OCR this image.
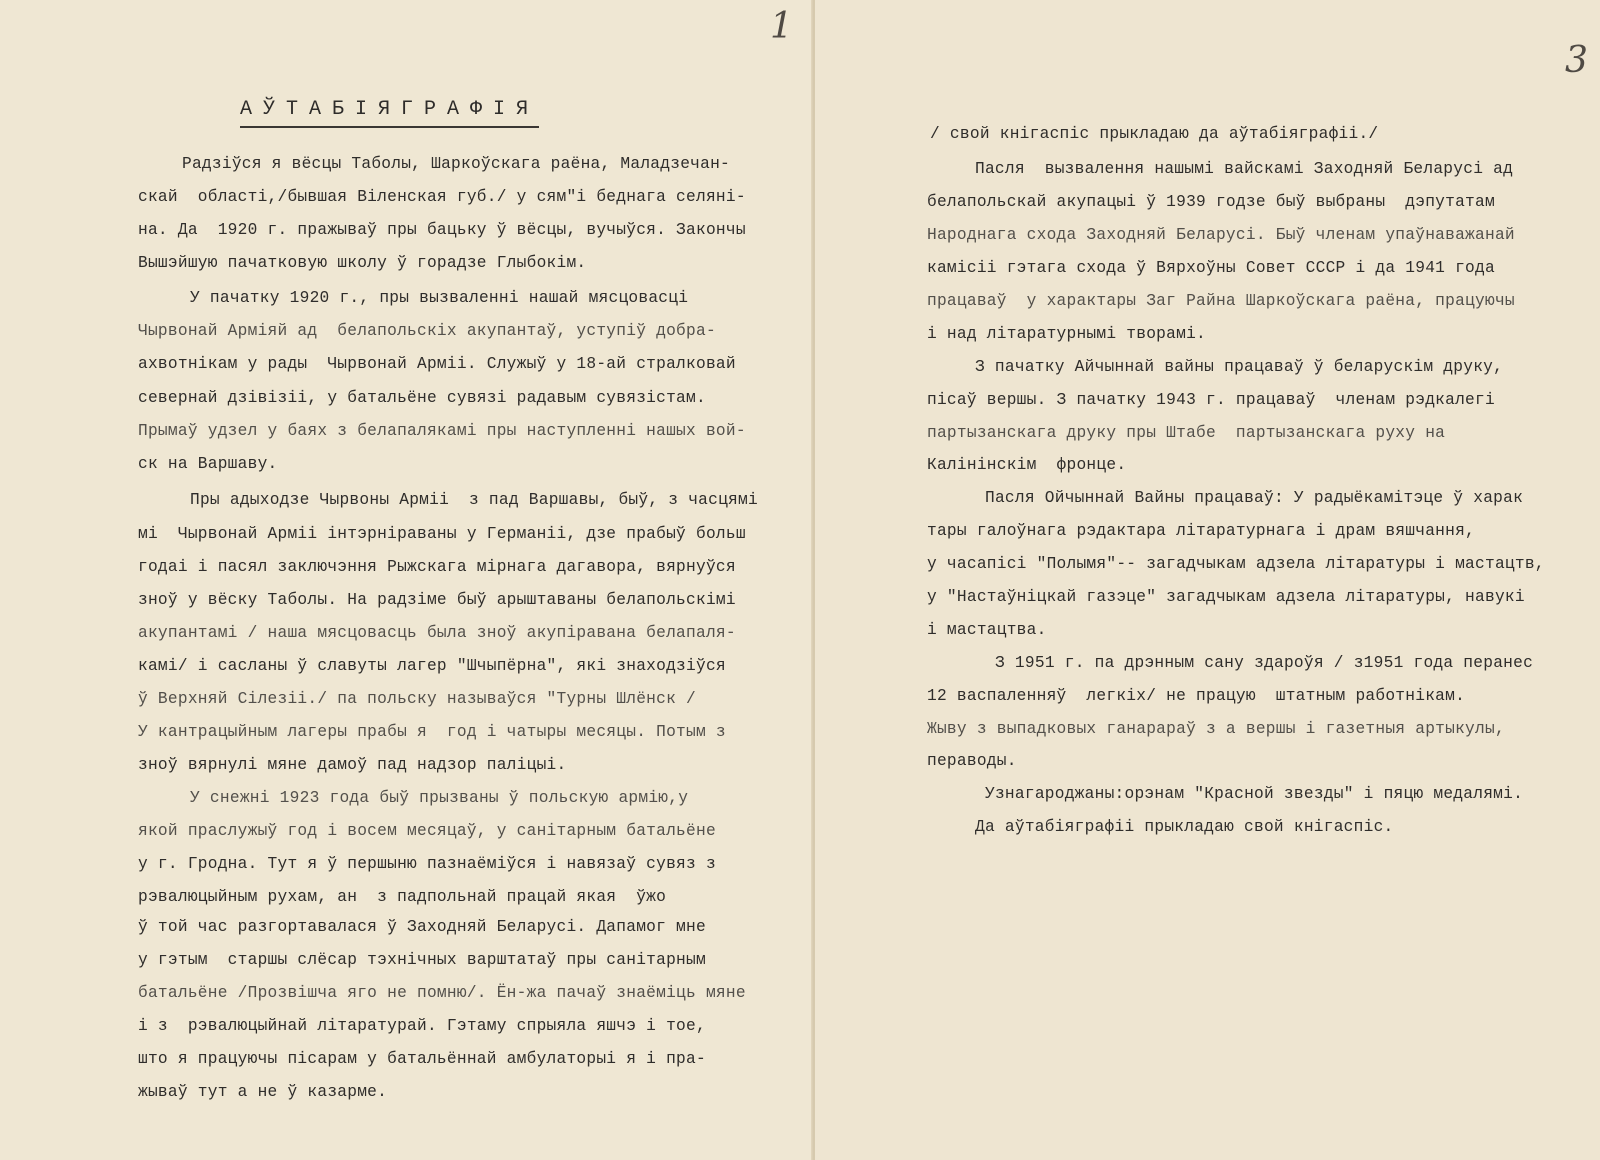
1
АЎТАБІЯГРАФІЯ
Радзіўся я вёсцы Таболы, Шаркоўскага раёна, Маладзечан-
скай  області,/бывшая Віленская губ./ у сям"і беднага селяні-
на. Да  1920 г. пражываў пры бацьку ў вёсцы, вучыўся. Закончы
Вышэйшую пачатковую школу ў горадзе Глыбокім.
У пачатку 1920 г., пры вызваленні нашай мясцовасці
Чырвонай Арміяй ад  белапольскіх акупантаў, уступіў добра-
ахвотнікам у рады  Чырвонай Арміі. Служыў у 18-ай стралковай
севернай дзівізіі, у батальёне сувязі радавым сувязістам.
Прымаў удзел у баях з белапалякамі пры наступленні нашых вой-
ск на Варшаву.
Пры адыходзе Чырвоны Арміі  з пад Варшавы, быў, з часцямі
мі  Чырвонай Арміі інтэрніраваны у Германіі, дзе прабыў больш
годаі і пасял заключэння Рыжскага мірнага дагавора, вярнуўся
зноў у вёску Таболы. На радзіме быў арыштаваны белапольскімі
акупантамі / наша мясцовасць была зноў акупіравана белапаля-
камі/ і сасланы ў славуты лагер "Шчыпёрна", які знаходзіўся
ў Верхняй Сілезіі./ па польску называўся "Турны Шлёнск /
У кантрацыйным лагеры прабы я  год і чатыры месяцы. Потым з
зноў вярнулі мяне дамоў пад надзор паліцыі.
У снежні 1923 года быў прызваны ў польскую армію,у
якой праслужыў год і восем месяцаў, у санітарным батальёне
у г. Гродна. Тут я ў першыню пазнаёміўся і навязаў сувяз з
рэвалюцыйным рухам, ан  з падпольнай працай якая  ўжо
ў той час разгортавалася ў Заходняй Беларусі. Дапамог мне
у гэтым  старшы слёсар тэхнічных варштатаў пры санітарным
батальёне /Прозвішча яго не помню/. Ён-жа пачаў знаёміць мяне
і з  рэвалюцыйнай літаратурай. Гэтаму спрыяла яшчэ і тое,
што я працуючы пісарам у батальённай амбулаторыі я і пра-
жываў тут а не ў казарме.
3
/ свой кнігаспіс прыкладаю да аўтабіяграфіі./
Пасля  вызвалення нашымі вайскамі Заходняй Беларусі ад
белапольскай акупацыі ў 1939 годзе быў выбраны  дэпутатам
Народнага схода Заходняй Беларусі. Быў членам упаўнаважанай
камісіі гэтага схода ў Вярхоўны Совет СССР і да 1941 года
працаваў  у характары Заг Райна Шаркоўскага раёна, працуючы
і над літаратурнымі творамі.
З пачатку Айчыннай вайны працаваў ў беларускім друку,
пісаў вершы. З пачатку 1943 г. працаваў  членам рэдкалегі
партызанскага друку пры Штабе  партызанскага руху на
Калінінскім  фронце.
Пасля Ойчыннай Вайны працаваў: У радыёкамітэце ў харак
тары галоўнага рэдактара літаратурнага і драм вяшчання,
у часапісі "Полымя"-- загадчыкам адзела літаратуры і мастацтв,
у "Настаўніцкай газэце" загадчыкам адзела літаратуры, навукі
і мастацтва.
З 1951 г. па дрэнным сану здароўя / з1951 года перанес
12 васпаленняў  легкіх/ не працую  штатным работнікам.
Жыву з выпадковых ганарараў з а вершы і газетныя артыкулы,
пераводы.
Узнагароджаны:орэнам "Красной звезды" і пяцю медалямі.
Да аўтабіяграфіі прыкладаю свой кнігаспіс.
